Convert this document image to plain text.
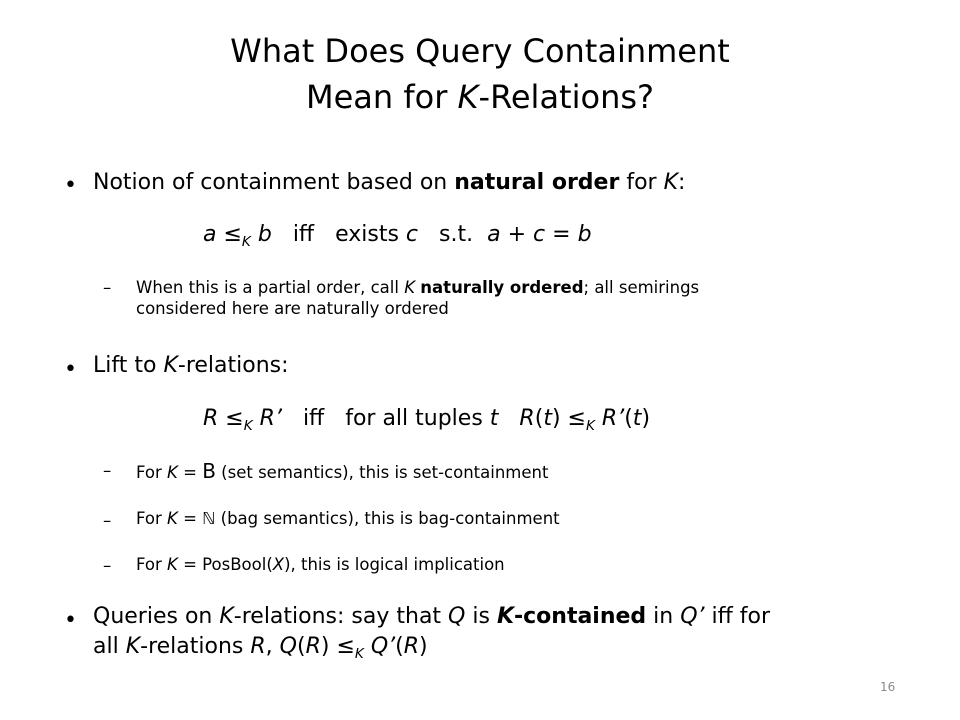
What Does Query Containment
Mean for K-Relations?
• Notion of containment based on natural order for K:
$a \le_K$ b iff exists c s.t. a + c = b
– When this is a partial order, call K naturally ordered; all semirings
considered here are naturally ordered
• Lift to K-relations:
$R \le_K$ R’ iff for all tuples t $R(t) \le_K$ R’(t)
– For K = B (set semantics), this is set-containment
– For K = ℕ (bag semantics), this is bag-containment
– For K = PosBool(X), this is logical implication
• Queries on K-relations: say that Q is K-contained in Q’ iff for
all K-relations R, $Q(R) \le_K$ Q’(R)
16
